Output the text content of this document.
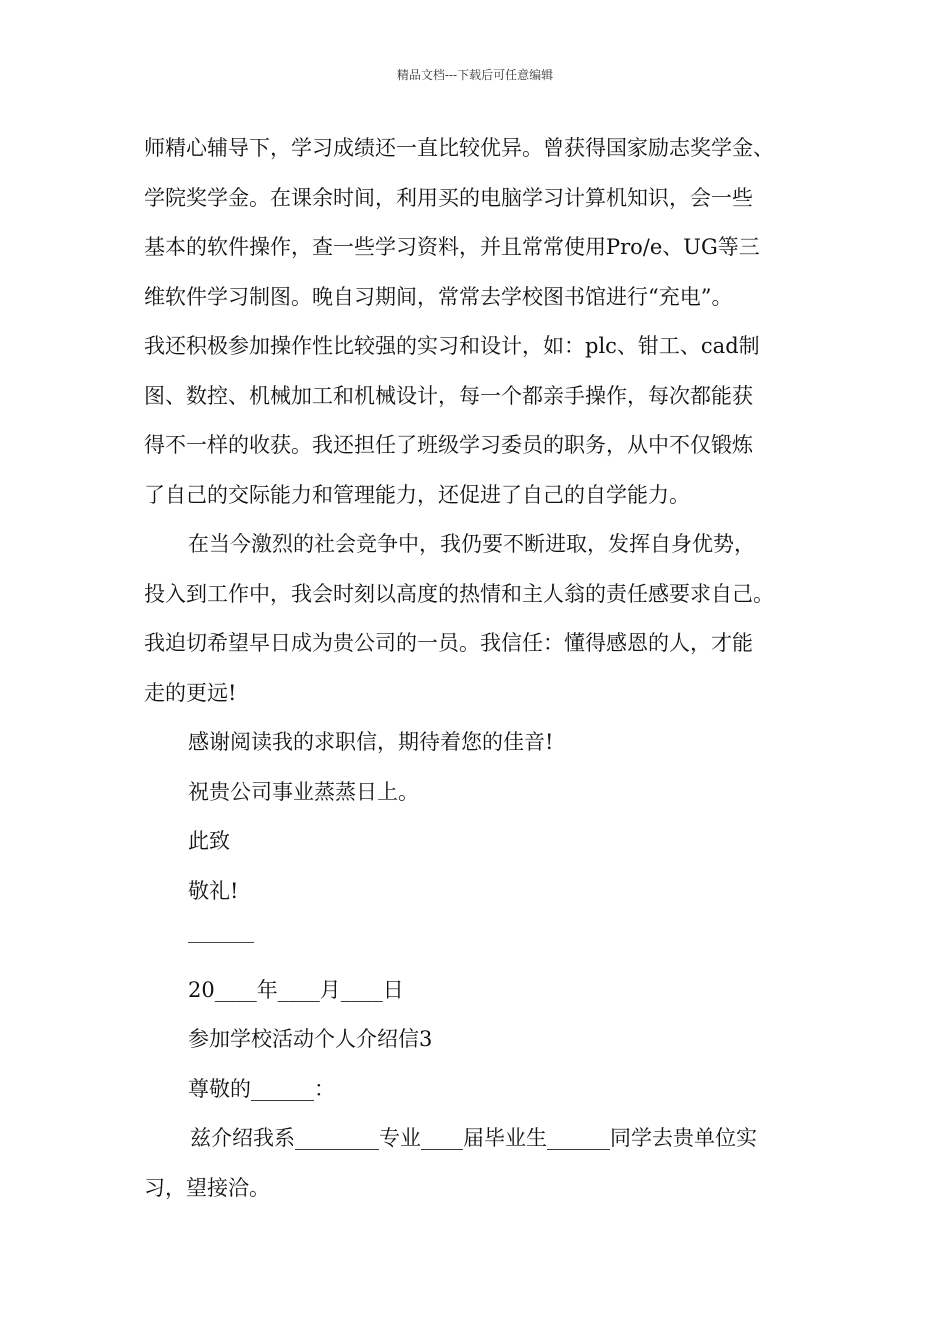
精品文档---下载后可任意编辑
师精心辅导下，学习成绩还一直比较优异。曾获得国家励志奖学金、
学院奖学金。在课余时间，利用买的电脑学习计算机知识，会一些
基本的软件操作，查一些学习资料，并且常常使用Pro/e、UG等三
维软件学习制图。晚自习期间，常常去学校图书馆进行“充电”。
我还积极参加操作性比较强的实习和设计，如：plc、钳工、cad制
图、数控、机械加工和机械设计，每一个都亲手操作，每次都能获
得不一样的收获。我还担任了班级学习委员的职务，从中不仅锻炼
了自己的交际能力和管理能力，还促进了自己的自学能力。
在当今激烈的社会竞争中，我仍要不断进取，发挥自身优势，
投入到工作中，我会时刻以高度的热情和主人翁的责任感要求自己。
我迫切希望早日成为贵公司的一员。我信任：懂得感恩的人，才能
走的更远!
感谢阅读我的求职信，期待着您的佳音!
祝贵公司事业蒸蒸日上。
此致
敬礼!
20____年____月____日
参加学校活动个人介绍信3
尊敬的______：
兹介绍我系________专业____届毕业生______同学去贵单位实
习，望接洽。
